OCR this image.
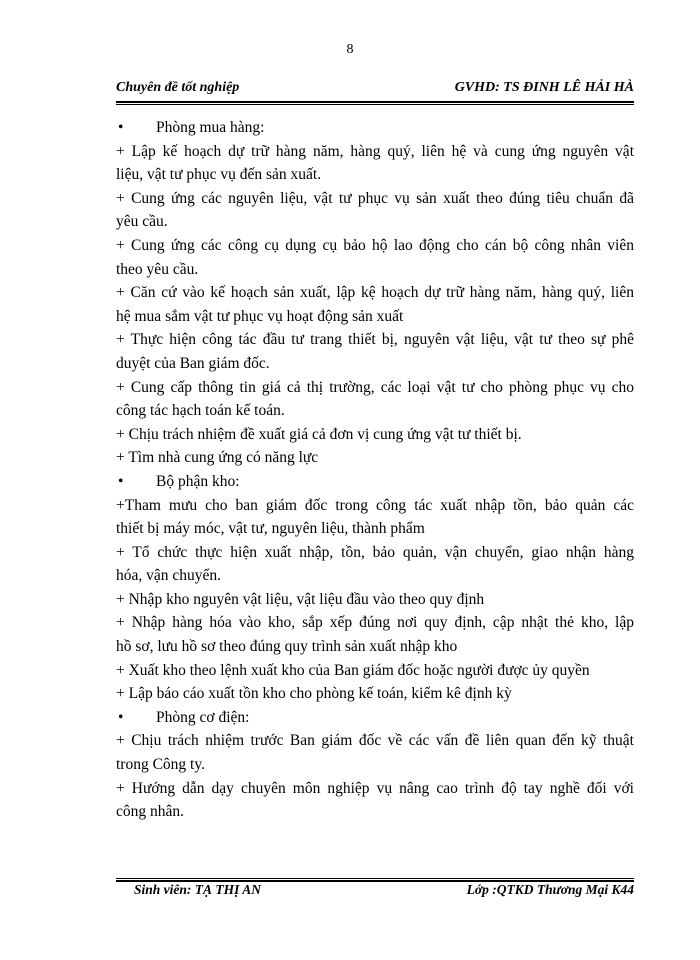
8
Chuyên đề tốt nghiệp	GVHD: TS ĐINH LÊ HẢI HÀ
• Phòng mua hàng:
+ Lập kế hoạch dự trữ hàng năm, hàng quý, liên hệ và cung ứng nguyên vật
liệu, vật tư phục vụ đến sản xuất.
+ Cung ứng các nguyên liệu, vật tư phục vụ sản xuất theo đúng tiêu chuẩn đã
yêu cầu.
+ Cung ứng các công cụ dụng cụ bảo hộ lao động cho cán bộ công nhân viên
theo yêu cầu.
+ Căn cứ vào kế hoạch sản xuất, lập kệ hoạch dự trữ hàng năm, hàng quý, liên
hệ mua sắm vật tư phục vụ hoạt động sản xuất
+ Thực hiện công tác đầu tư trang thiết bị, nguyên vật liệu, vật tư theo sự phê
duyệt của Ban giám đốc.
+ Cung cấp thông tin giá cả thị trường, các loại vật tư cho phòng phục vụ cho
công tác hạch toán kế toán.
+ Chịu trách nhiệm đề xuất giá cả đơn vị cung ứng vật tư thiết bị.
+ Tìm nhà cung ứng có năng lực
• Bộ phận kho:
+Tham mưu cho ban giám đốc trong công tác xuất nhập tồn, bảo quản các
thiết bị máy móc, vật tư, nguyên liệu, thành phẩm
+ Tổ chức thực hiện xuất nhập, tồn, bảo quản, vận chuyển, giao nhận hàng
hóa, vận chuyển.
+ Nhập kho nguyên vật liệu, vật liệu đầu vào theo quy định
+ Nhập hàng hóa vào kho, sắp xếp đúng nơi quy định, cập nhật thẻ kho, lập
hồ sơ, lưu hồ sơ theo đúng quy trình sản xuất nhập kho
+ Xuất kho theo lệnh xuất kho của Ban giám đốc hoặc người được ủy quyền
+ Lập báo cáo xuất tồn kho cho phòng kế toán, kiểm kê định kỳ
• Phòng cơ điện:
+ Chịu trách nhiệm trước Ban giám đốc về các vấn đề liên quan đến kỹ thuật
trong Công ty.
+ Hướng dẫn dạy chuyên môn nghiệp vụ nâng cao trình độ tay nghề đối với
công nhân.
Sinh viên: TẠ THỊ AN	Lớp :QTKD Thương Mại K44
